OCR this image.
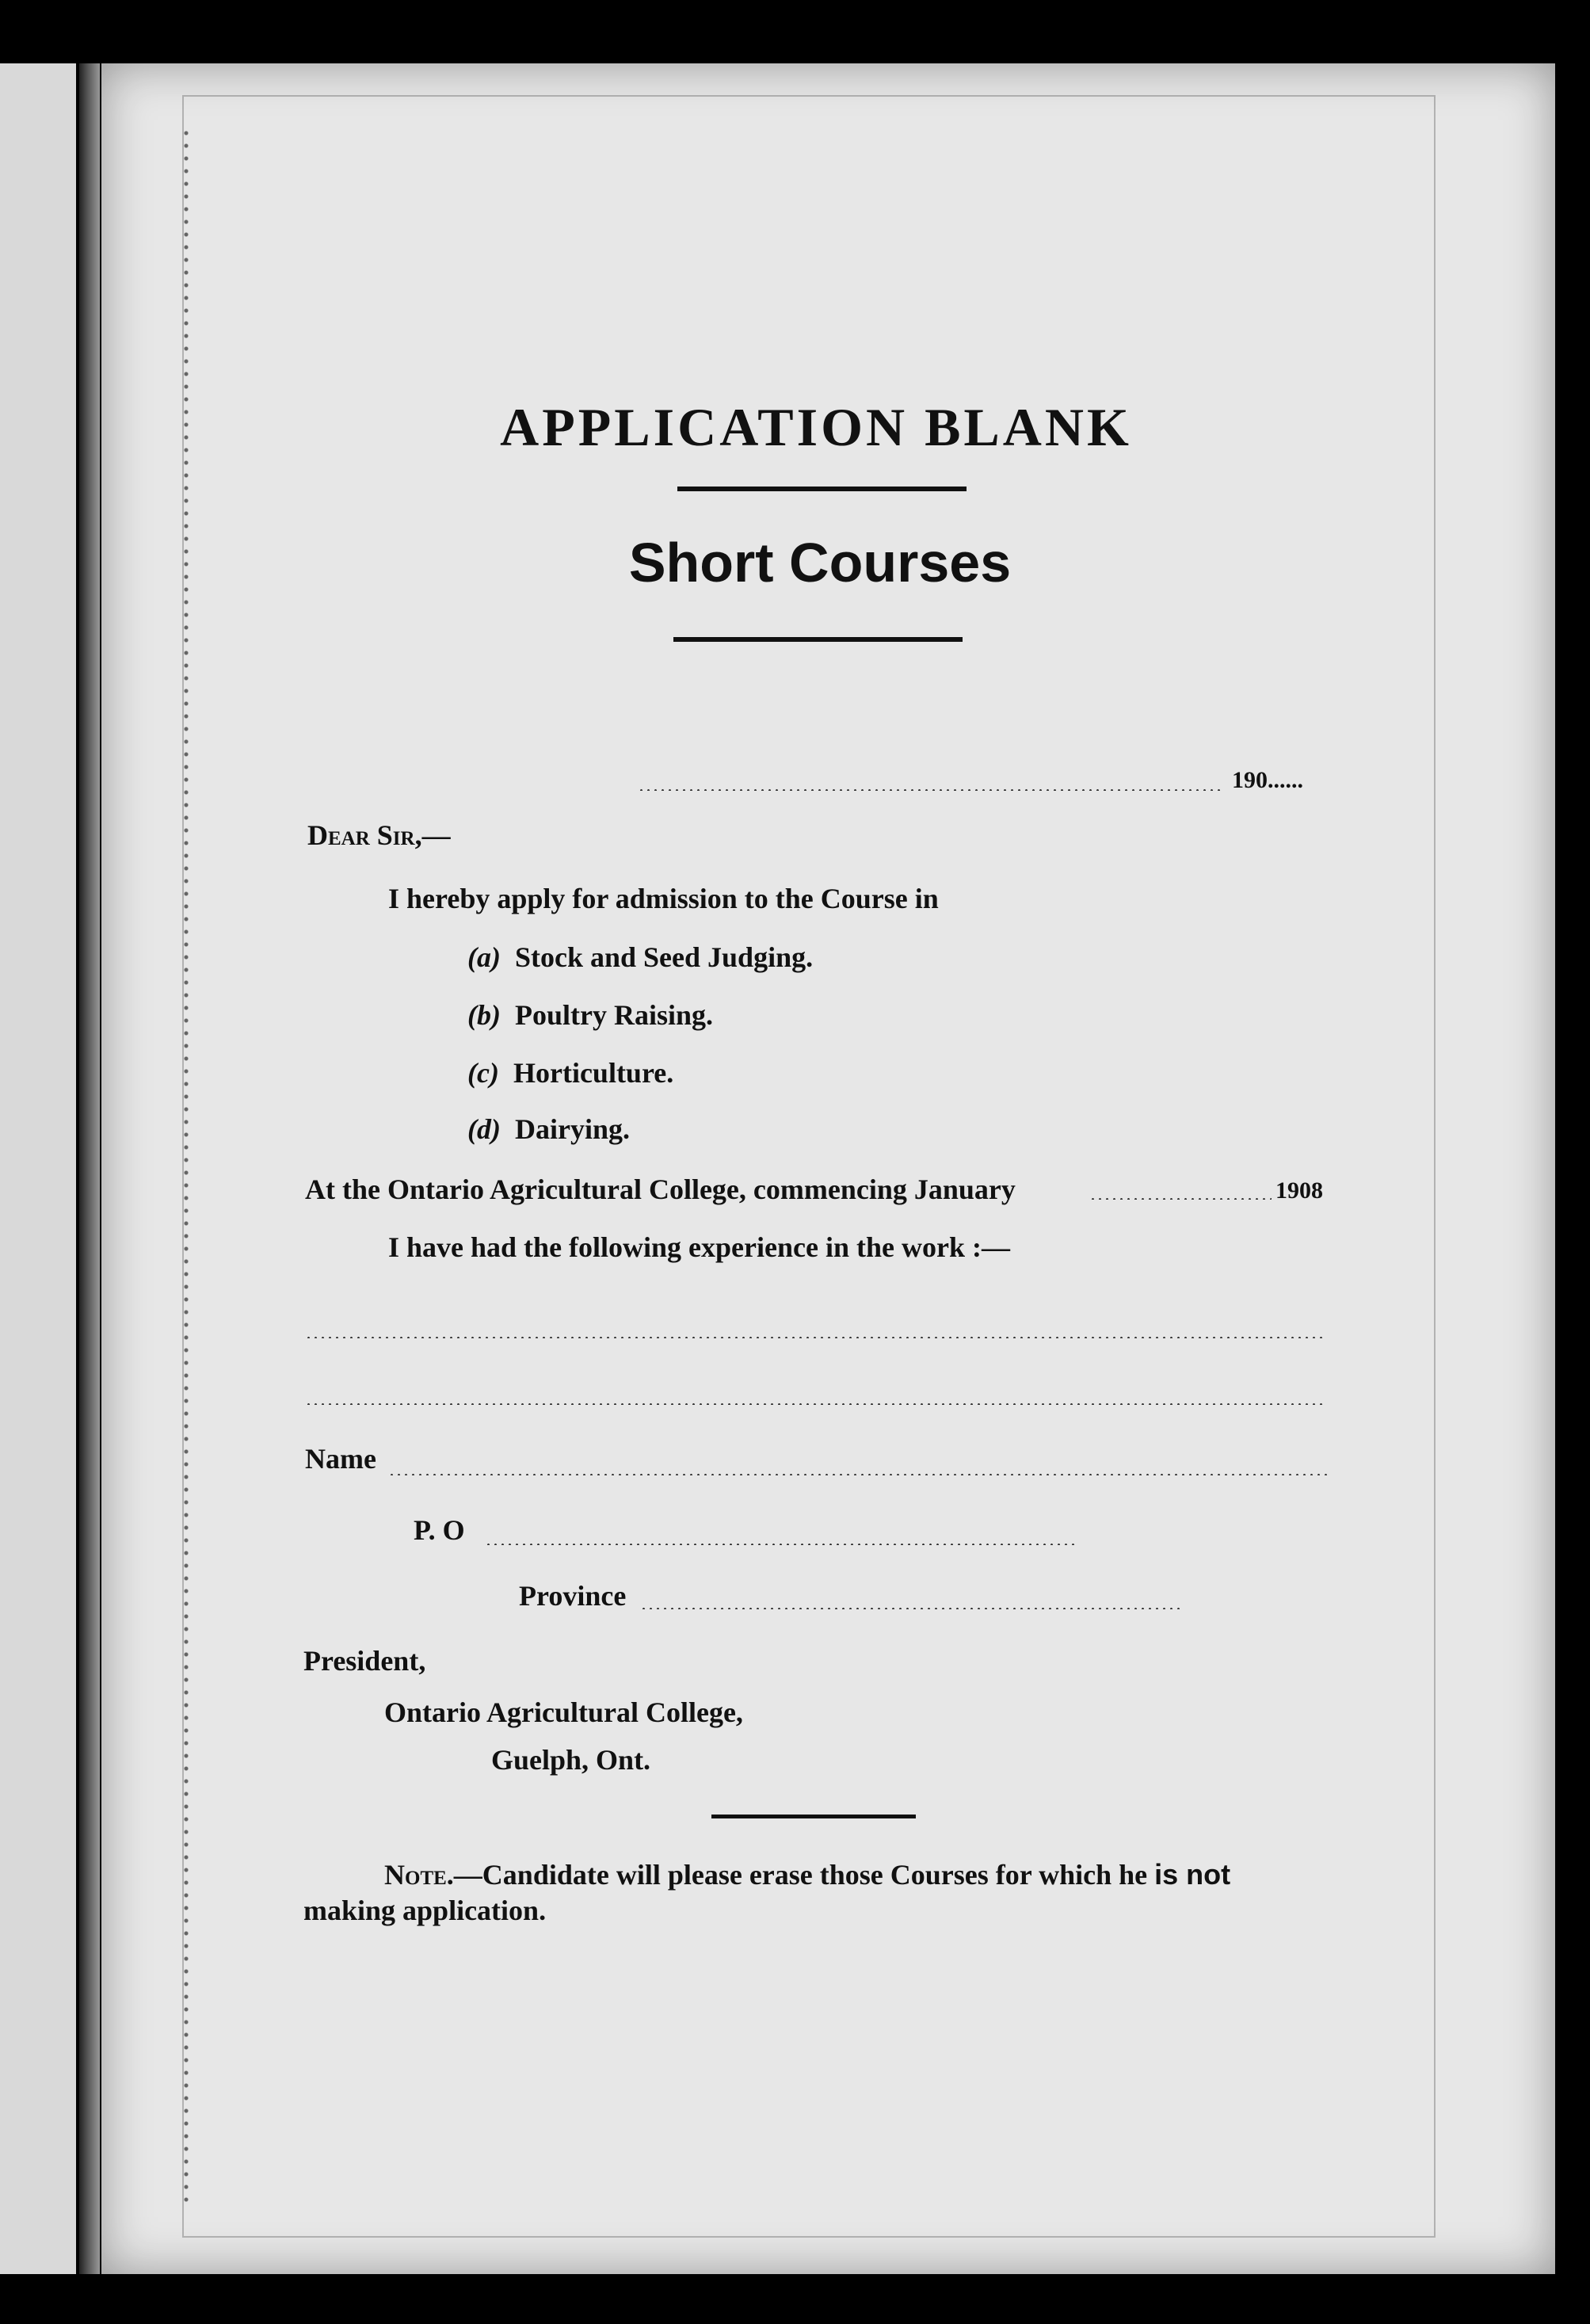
APPLICATION BLANK
Short Courses
190......
Dear Sir,—
I hereby apply for admission to the Course in
(a) Stock and Seed Judging.
(b) Poultry Raising.
(c) Horticulture.
(d) Dairying.
At the Ontario Agricultural College, commencing January	1908
I have had the following experience in the work :—
Name
P. O
Province
President,
Ontario Agricultural College,
Guelph, Ont.
Note.—Candidate will please erase those Courses for which he is not
making application.
